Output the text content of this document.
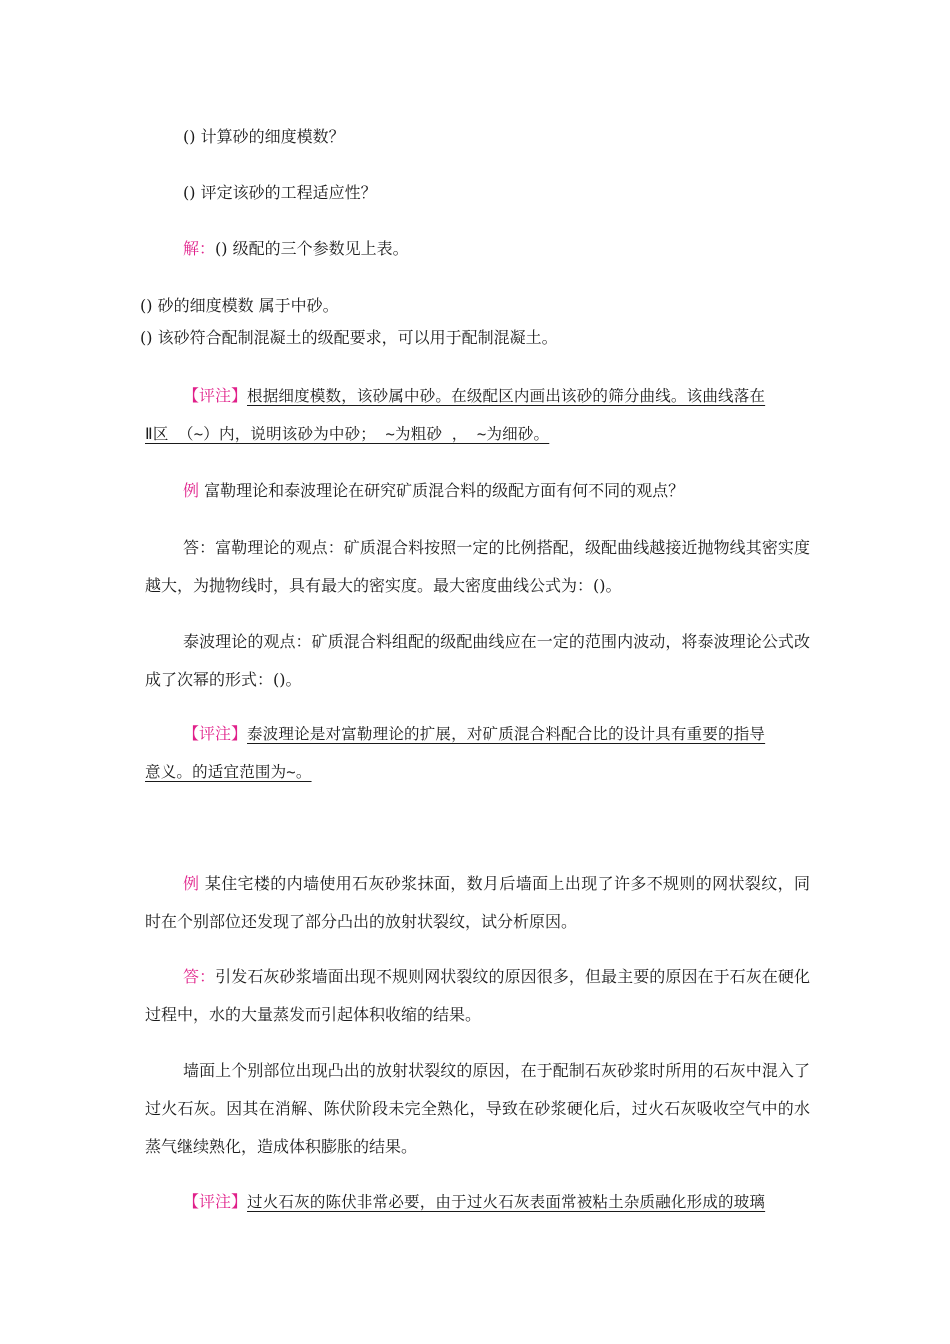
() 计算砂的细度模数？

() 评定该砂的工程适应性？

解：() 级配的三个参数见上表。

() 砂的细度模数 属于中砂。

() 该砂符合配制混凝土的级配要求，可以用于配制混凝土。

【评注】根据细度模数，该砂属中砂。在级配区内画出该砂的筛分曲线。该曲线落在
Ⅱ区 （~）内，说明该砂为中砂； ~为粗砂 ， ~为细砂。

例 富勒理论和泰波理论在研究矿质混合料的级配方面有何不同的观点？

答：富勒理论的观点：矿质混合料按照一定的比例搭配，级配曲线越接近抛物线其密实度越大，为抛物线时，具有最大的密实度。最大密度曲线公式为：()。

泰波理论的观点：矿质混合料组配的级配曲线应在一定的范围内波动，将泰波理论公式改成了次幂的形式：()。

【评注】泰波理论是对富勒理论的扩展，对矿质混合料配合比的设计具有重要的指导
意义。的适宜范围为~。

例 某住宅楼的内墙使用石灰砂浆抹面，数月后墙面上出现了许多不规则的网状裂纹，同时在个别部位还发现了部分凸出的放射状裂纹，试分析原因。

答：引发石灰砂浆墙面出现不规则网状裂纹的原因很多，但最主要的原因在于石灰在硬化过程中，水的大量蒸发而引起体积收缩的结果。

墙面上个别部位出现凸出的放射状裂纹的原因，在于配制石灰砂浆时所用的石灰中混入了过火石灰。因其在消解、陈伏阶段未完全熟化，导致在砂浆硬化后，过火石灰吸收空气中的水蒸气继续熟化，造成体积膨胀的结果。

【评注】过火石灰的陈伏非常必要，由于过火石灰表面常被粘土杂质融化形成的玻璃
